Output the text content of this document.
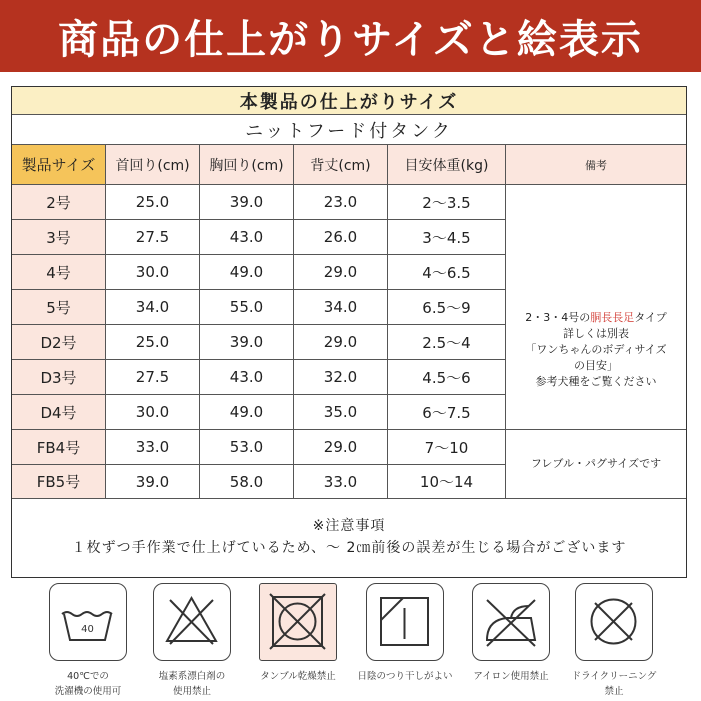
商品の仕上がりサイズと絵表示
本製品の仕上がりサイズ
ニットフード付タンク
製品サイズ	首回り(cm)	胸回り(cm)	背丈(cm)	目安体重(kg)	備考
2号	25.0	39.0	23.0	2〜3.5
3号	27.5	43.0	26.0	3〜4.5
4号	30.0	49.0	29.0	4〜6.5
5号	34.0	55.0	34.0	6.5〜9
D2号	25.0	39.0	29.0	2.5〜4
D3号	27.5	43.0	32.0	4.5〜6
D4号	30.0	49.0	35.0	6〜7.5
FB4号	33.0	53.0	29.0	7〜10
FB5号	39.0	58.0	33.0	10〜14
2・3・4号の胴長長足タイプ
詳しくは別表
「ワンちゃんのボディサイズ
の目安」
参考犬種をご覧ください
フレブル・パグサイズです
※注意事項
１枚ずつ手作業で仕上げているため、～ 2㎝前後の誤差が生じる場合がございます
40
40℃での
洗濯機の使用可
塩素系漂白剤の
使用禁止
タンブル乾燥禁止	日陰のつり干しがよい	アイロン使用禁止	ドライクリーニング
禁止
